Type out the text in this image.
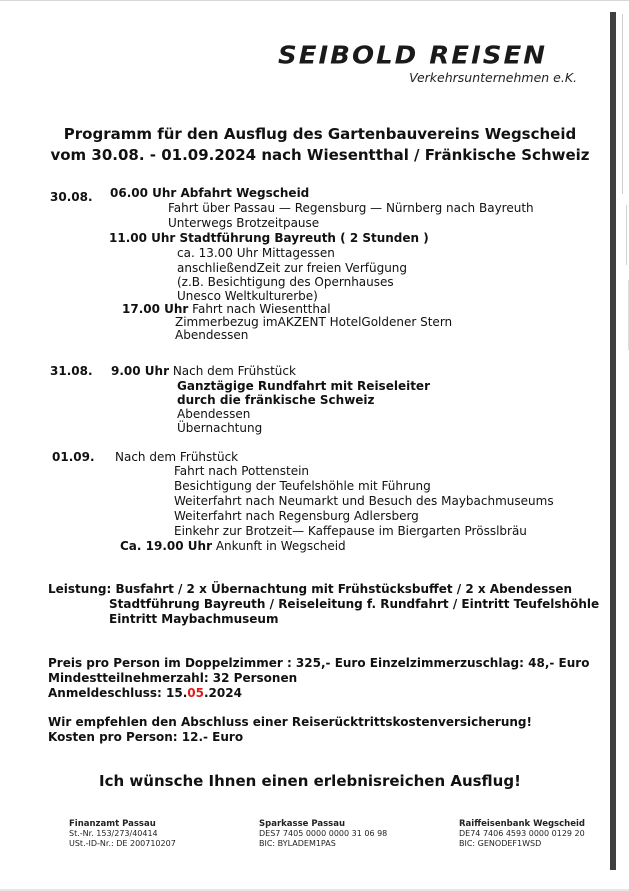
SEIBOLD REISEN
Verkehrsunternehmen e.K.
Programm für den Ausflug des Gartenbauvereins Wegscheid
vom 30.08. - 01.09.2024 nach Wiesentthal / Fränkische Schweiz
30.08. 06.00 Uhr Abfahrt Wegscheid
Fahrt über Passau — Regensburg — Nürnberg nach Bayreuth
Unterwegs Brotzeitpause
11.00 Uhr Stadtführung Bayreuth ( 2 Stunden )
ca. 13.00 Uhr Mittagessen
anschließendZeit zur freien Verfügung
(z.B. Besichtigung des Opernhauses
Unesco Weltkulturerbe)
17.00 Uhr Fahrt nach Wiesentthal
Zimmerbezug imAKZENT HotelGoldener Stern
Abendessen
31.08. 9.00 Uhr Nach dem Frühstück
Ganztägige Rundfahrt mit Reiseleiter
durch die fränkische Schweiz
Abendessen
Übernachtung
01.09. Nach dem Frühstück
Fahrt nach Pottenstein
Besichtigung der Teufelshöhle mit Führung
Weiterfahrt nach Neumarkt und Besuch des Maybachmuseums
Weiterfahrt nach Regensburg Adlersberg
Einkehr zur Brotzeit— Kaffepause im Biergarten Prösslbräu
Ca. 19.00 Uhr Ankunft in Wegscheid
Leistung: Busfahrt / 2 x Übernachtung mit Frühstücksbuffet / 2 x Abendessen
Stadtführung Bayreuth / Reiseleitung f. Rundfahrt / Eintritt Teufelshöhle
Eintritt Maybachmuseum
Preis pro Person im Doppelzimmer : 325,- Euro Einzelzimmerzuschlag: 48,- Euro
Mindestteilnehmerzahl: 32 Personen
Anmeldeschluss: 15.05.2024
Wir empfehlen den Abschluss einer Reiserücktrittskostenversicherung!
Kosten pro Person: 12.- Euro
Ich wünsche Ihnen einen erlebnisreichen Ausflug!
Finanzamt Passau
St.-Nr. 153/273/40414
USt.-ID-Nr.: DE 200710207
Sparkasse Passau
DES7 7405 0000 0000 31 06 98
BIC: BYLADEM1PAS
Raiffeisenbank Wegscheid
DE74 7406 4593 0000 0129 20
BIC: GENODEF1WSD
